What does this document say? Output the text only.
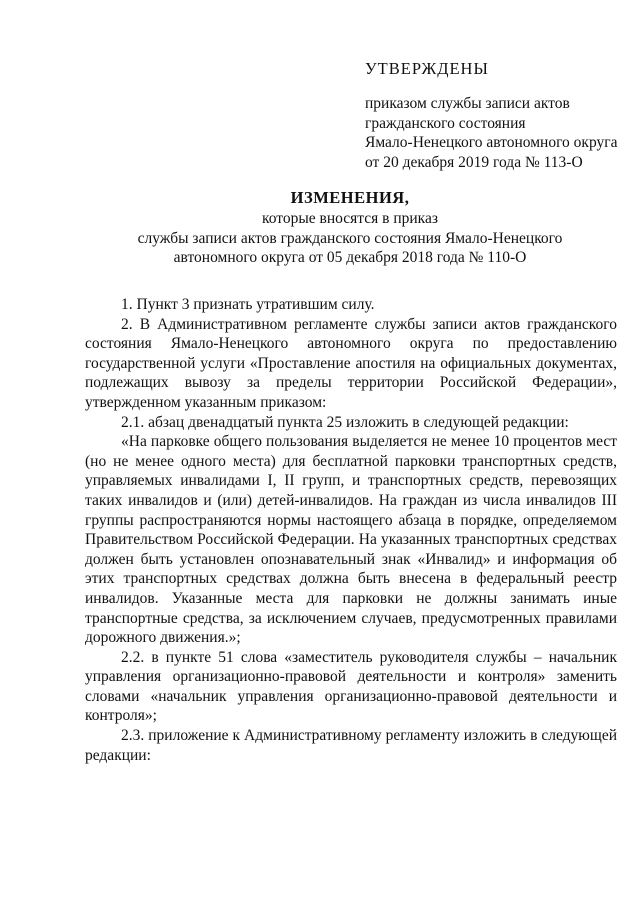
УТВЕРЖДЕНЫ
приказом службы записи актов
гражданского состояния
Ямало-Ненецкого автономного округа
от 20 декабря 2019 года № 113-О
ИЗМЕНЕНИЯ,
которые вносятся в приказ
службы записи актов гражданского состояния Ямало-Ненецкого
автономного округа от 05 декабря 2018 года № 110-О

1. Пункт 3 признать утратившим силу.

2. В Административном регламенте службы записи актов гражданского состояния Ямало-Ненецкого автономного округа по предоставлению государственной услуги «Проставление апостиля на официальных документах, подлежащих вывозу за пределы территории Российской Федерации», утвержденном указанным приказом:

2.1. абзац двенадцатый пункта 25 изложить в следующей редакции:

«На парковке общего пользования выделяется не менее 10 процентов мест (но не менее одного места) для бесплатной парковки транспортных средств, управляемых инвалидами I, II групп, и транспортных средств, перевозящих таких инвалидов и (или) детей-инвалидов. На граждан из числа инвалидов III группы распространяются нормы настоящего абзаца в порядке, определяемом Правительством Российской Федерации. На указанных транспортных средствах должен быть установлен опознавательный знак «Инвалид» и информация об этих транспортных средствах должна быть внесена в федеральный реестр инвалидов. Указанные места для парковки не должны занимать иные транспортные средства, за исключением случаев, предусмотренных правилами дорожного движения.»;

2.2. в пункте 51 слова «заместитель руководителя службы – начальник управления организационно-правовой деятельности и контроля» заменить словами «начальник управления организационно-правовой деятельности и контроля»;

2.3. приложение к Административному регламенту изложить в следующей редакции:
